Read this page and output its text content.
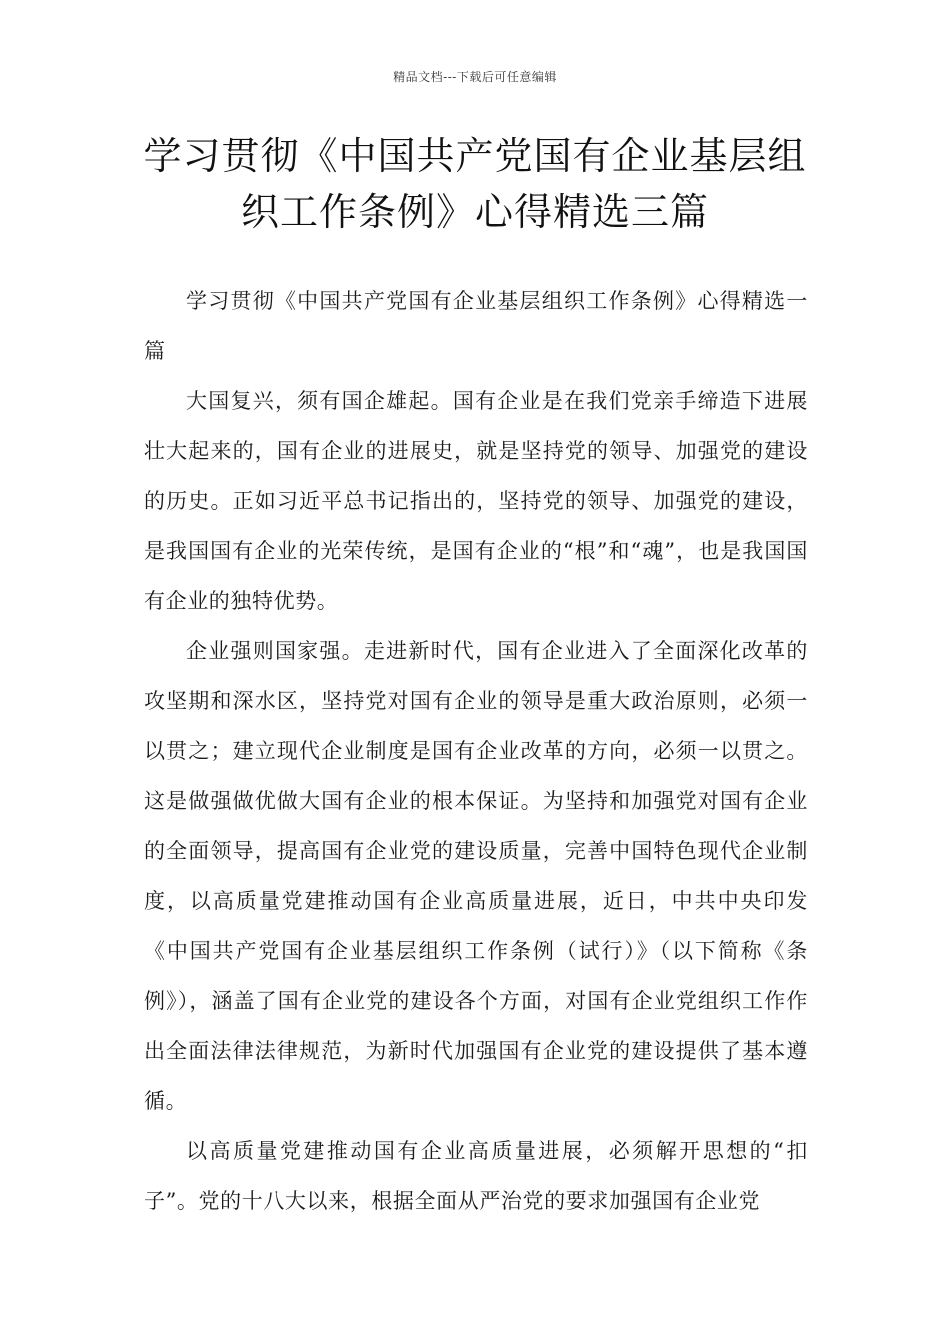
精品文档---下载后可任意编辑
学习贯彻《中国共产党国有企业基层组织工作条例》心得精选三篇

学习贯彻《中国共产党国有企业基层组织工作条例》心得精选一篇

大国复兴，须有国企雄起。国有企业是在我们党亲手缔造下进展壮大起来的，国有企业的进展史，就是坚持党的领导、加强党的建设的历史。正如习近平总书记指出的，坚持党的领导、加强党的建设，是我国国有企业的光荣传统，是国有企业的“根”和“魂”，也是我国国有企业的独特优势。

企业强则国家强。走进新时代，国有企业进入了全面深化改革的攻坚期和深水区，坚持党对国有企业的领导是重大政治原则，必须一以贯之；建立现代企业制度是国有企业改革的方向，必须一以贯之。这是做强做优做大国有企业的根本保证。为坚持和加强党对国有企业的全面领导，提高国有企业党的建设质量，完善中国特色现代企业制度，以高质量党建推动国有企业高质量进展，近日，中共中央印发《中国共产党国有企业基层组织工作条例（试行）》（以下简称《条例》），涵盖了国有企业党的建设各个方面，对国有企业党组织工作作出全面法律法律规范，为新时代加强国有企业党的建设提供了基本遵循。

以高质量党建推动国有企业高质量进展，必须解开思想的“扣子”。党的十八大以来，根据全面从严治党的要求加强国有企业党
